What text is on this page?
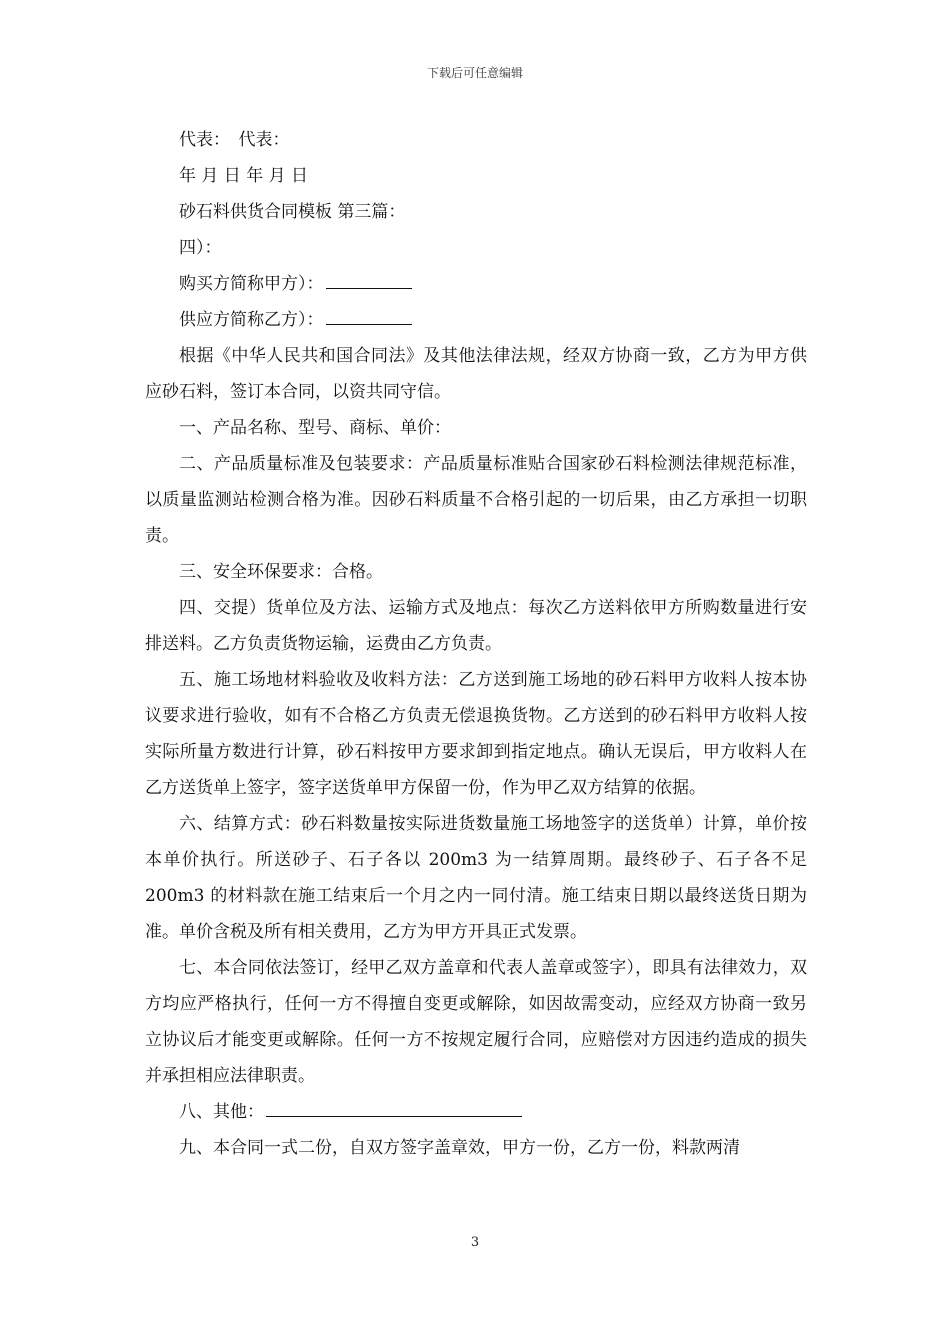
下载后可任意编辑

代表：　代表：

年 月 日 年 月 日

砂石料供货合同模板 第三篇：

四）：

购买方简称甲方）：

供应方简称乙方）：

根据《中华人民共和国合同法》及其他法律法规，经双方协商一致，乙方为甲方供应砂石料，签订本合同，以资共同守信。

一、产品名称、型号、商标、单价：

二、产品质量标准及包装要求：产品质量标准贴合国家砂石料检测法律规范标准，以质量监测站检测合格为准。因砂石料质量不合格引起的一切后果，由乙方承担一切职责。

三、安全环保要求：合格。

四、交提）货单位及方法、运输方式及地点：每次乙方送料依甲方所购数量进行安排送料。乙方负责货物运输，运费由乙方负责。

五、施工场地材料验收及收料方法：乙方送到施工场地的砂石料甲方收料人按本协议要求进行验收，如有不合格乙方负责无偿退换货物。乙方送到的砂石料甲方收料人按实际所量方数进行计算，砂石料按甲方要求卸到指定地点。确认无误后，甲方收料人在乙方送货单上签字，签字送货单甲方保留一份，作为甲乙双方结算的依据。

六、结算方式：砂石料数量按实际进货数量施工场地签字的送货单）计算，单价按本单价执行。所送砂子、石子各以 200m3 为一结算周期。最终砂子、石子各不足 200m3 的材料款在施工结束后一个月之内一同付清。施工结束日期以最终送货日期为准。单价含税及所有相关费用，乙方为甲方开具正式发票。

七、本合同依法签订，经甲乙双方盖章和代表人盖章或签字），即具有法律效力，双方均应严格执行，任何一方不得擅自变更或解除，如因故需变动，应经双方协商一致另立协议后才能变更或解除。任何一方不按规定履行合同，应赔偿对方因违约造成的损失并承担相应法律职责。

八、其他：

九、本合同一式二份，自双方签字盖章效，甲方一份，乙方一份，料款两清

3
